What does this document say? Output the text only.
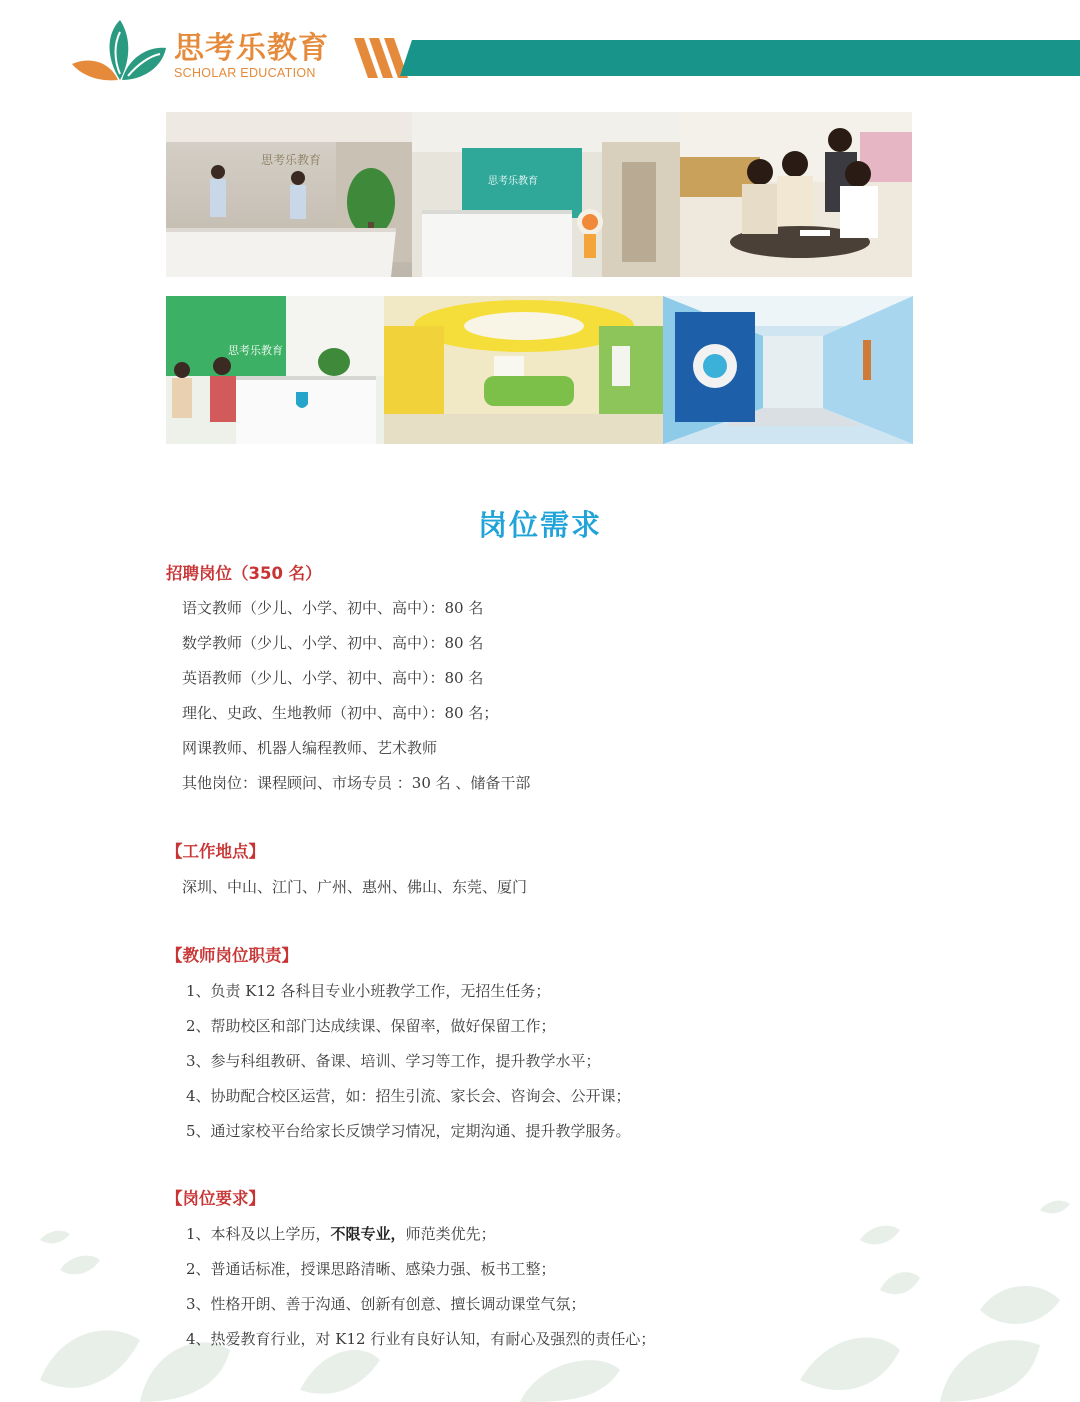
思考乐教育
SCHOLAR EDUCATION
思考乐教育
思考乐教育
思考乐教育
岗位需求
招聘岗位（350 名）
语文教师（少儿、小学、初中、高中）：80 名
数学教师（少儿、小学、初中、高中）：80 名
英语教师（少儿、小学、初中、高中）：80 名
理化、史政、生地教师（初中、高中）：80 名；
网课教师、机器人编程教师、艺术教师
其他岗位：课程顾问、市场专员 ：30 名 、储备干部
【工作地点】
深圳、中山、江门、广州、惠州、佛山、东莞、厦门
【教师岗位职责】
1、负责 K12 各科目专业小班教学工作，无招生任务；
2、帮助校区和部门达成续课、保留率，做好保留工作；
3、参与科组教研、备课、培训、学习等工作，提升教学水平；
4、协助配合校区运营，如：招生引流、家长会、咨询会、公开课；
5、通过家校平台给家长反馈学习情况，定期沟通、提升教学服务。
【岗位要求】
1、本科及以上学历，不限专业，师范类优先；
2、普通话标准，授课思路清晰、感染力强、板书工整；
3、性格开朗、善于沟通、创新有创意、擅长调动课堂气氛；
4、热爱教育行业，对 K12 行业有良好认知，有耐心及强烈的责任心；
